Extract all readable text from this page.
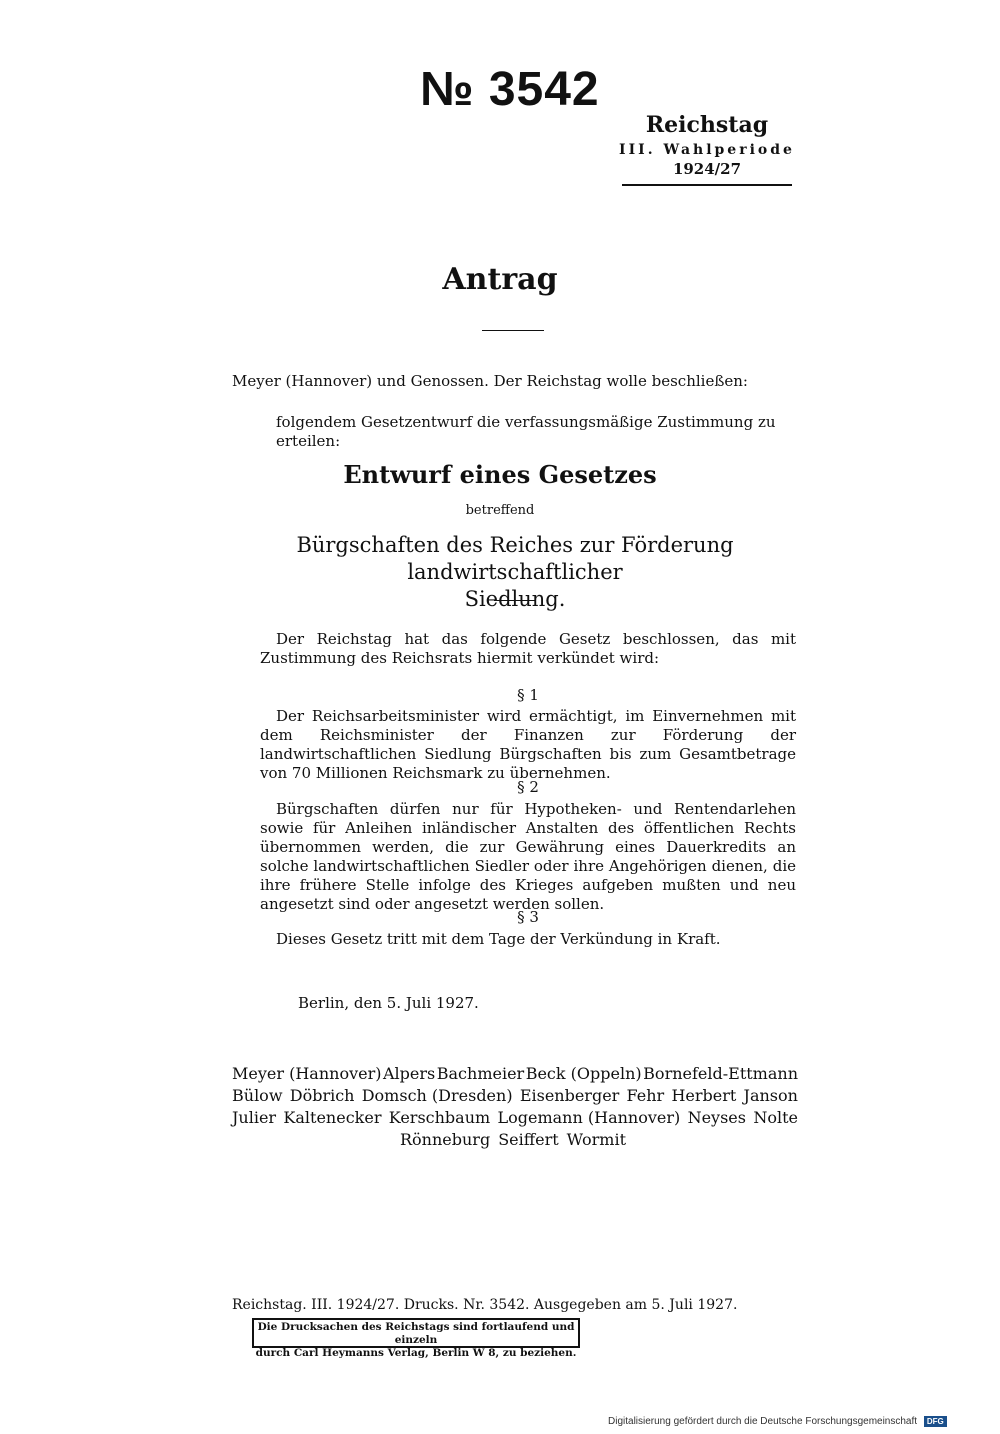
№ 3542
Reichstag
III. Wahlperiode
1924/27
Antrag
Meyer (Hannover) und Genossen. Der Reichstag wolle beschließen:
folgendem Gesetzentwurf die verfassungsmäßige Zustimmung zu erteilen:
Entwurf eines Gesetzes
betreffend
Bürgschaften des Reiches zur Förderung landwirtschaftlicher
Siedlung.
Der Reichstag hat das folgende Gesetz beschlossen, das mit Zustimmung des Reichsrats hiermit verkündet wird:
§ 1
Der Reichsarbeitsminister wird ermächtigt, im Einvernehmen mit dem Reichsminister der Finanzen zur Förderung der landwirtschaftlichen Siedlung Bürgschaften bis zum Gesamtbetrage von 70 Millionen Reichsmark zu übernehmen.
§ 2
Bürgschaften dürfen nur für Hypotheken- und Rentendarlehen sowie für Anleihen inländischer Anstalten des öffentlichen Rechts übernommen werden, die zur Gewährung eines Dauerkredits an solche landwirtschaftlichen Siedler oder ihre Angehörigen dienen, die ihre frühere Stelle infolge des Krieges aufgeben mußten und neu angesetzt sind oder angesetzt werden sollen.
§ 3
Dieses Gesetz tritt mit dem Tage der Verkündung in Kraft.
Berlin, den 5. Juli 1927.
Meyer (Hannover) Alpers Bachmeier Beck (Oppeln) Bornefeld-Ettmann
Bülow Döbrich Domsch (Dresden) Eisenberger Fehr Herbert Janson
Julier Kaltenecker Kerschbaum Logemann (Hannover) Neyses Nolte
Rönneburg Seiffert Wormit
Reichstag. III. 1924/27. Drucks. Nr. 3542. Ausgegeben am 5. Juli 1927.
Die Drucksachen des Reichstags sind fortlaufend und einzeln
durch Carl Heymanns Verlag, Berlin W 8, zu beziehen.
Digitalisierung gefördert durch die Deutsche Forschungsgemeinschaft DFG
